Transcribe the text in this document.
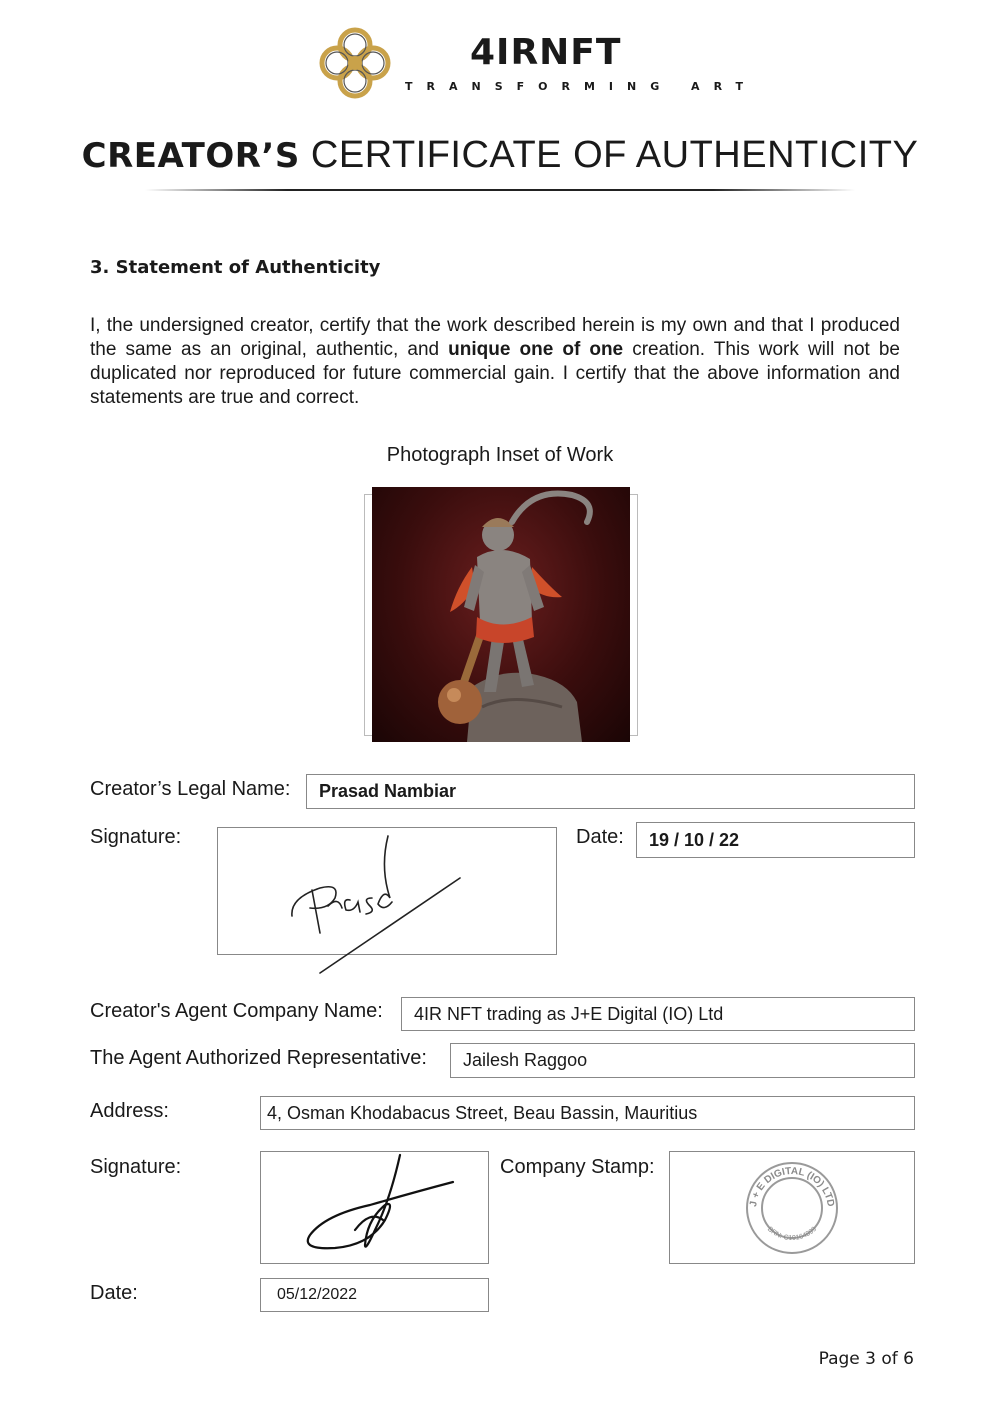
4IRNFT
TRANSFORMING ART
CREATOR’S CERTIFICATE OF AUTHENTICITY
3. Statement of Authenticity
I, the undersigned creator, certify that the work described herein is my own and that I produced the same as an original, authentic, and unique one of one creation. This work will not be duplicated nor reproduced for future commercial gain. I certify that the above information and statements are true and correct.
Photograph Inset of Work
Creator’s Legal Name:	Prasad Nambiar
Signature:	Date:	19 / 10 / 22
Creator's Agent Company Name:	4IR NFT trading as J+E Digital (IO) Ltd
The Agent Authorized Representative:	Jailesh Raggoo
Address:	4, Osman Khodabacus Street, Beau Bassin, Mauritius
Signature:	Company Stamp:
J + E DIGITAL (IO) LTD
BRN: C19164899
Date:	05/12/2022
Page 3 of 6
